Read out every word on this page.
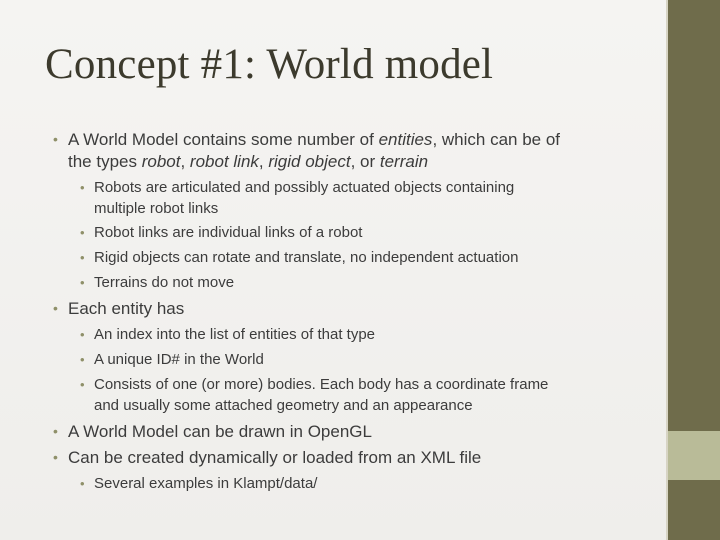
Concept #1: World model
• A World Model contains some number of entities, which can be of
the types robot, robot link, rigid object, or terrain
• Robots are articulated and possibly actuated objects containing
multiple robot links
• Robot links are individual links of a robot
• Rigid objects can rotate and translate, no independent actuation
• Terrains do not move
• Each entity has
• An index into the list of entities of that type
• A unique ID# in the World
• Consists of one (or more) bodies. Each body has a coordinate frame
and usually some attached geometry and an appearance
• A World Model can be drawn in OpenGL
• Can be created dynamically or loaded from an XML file
• Several examples in Klampt/data/
